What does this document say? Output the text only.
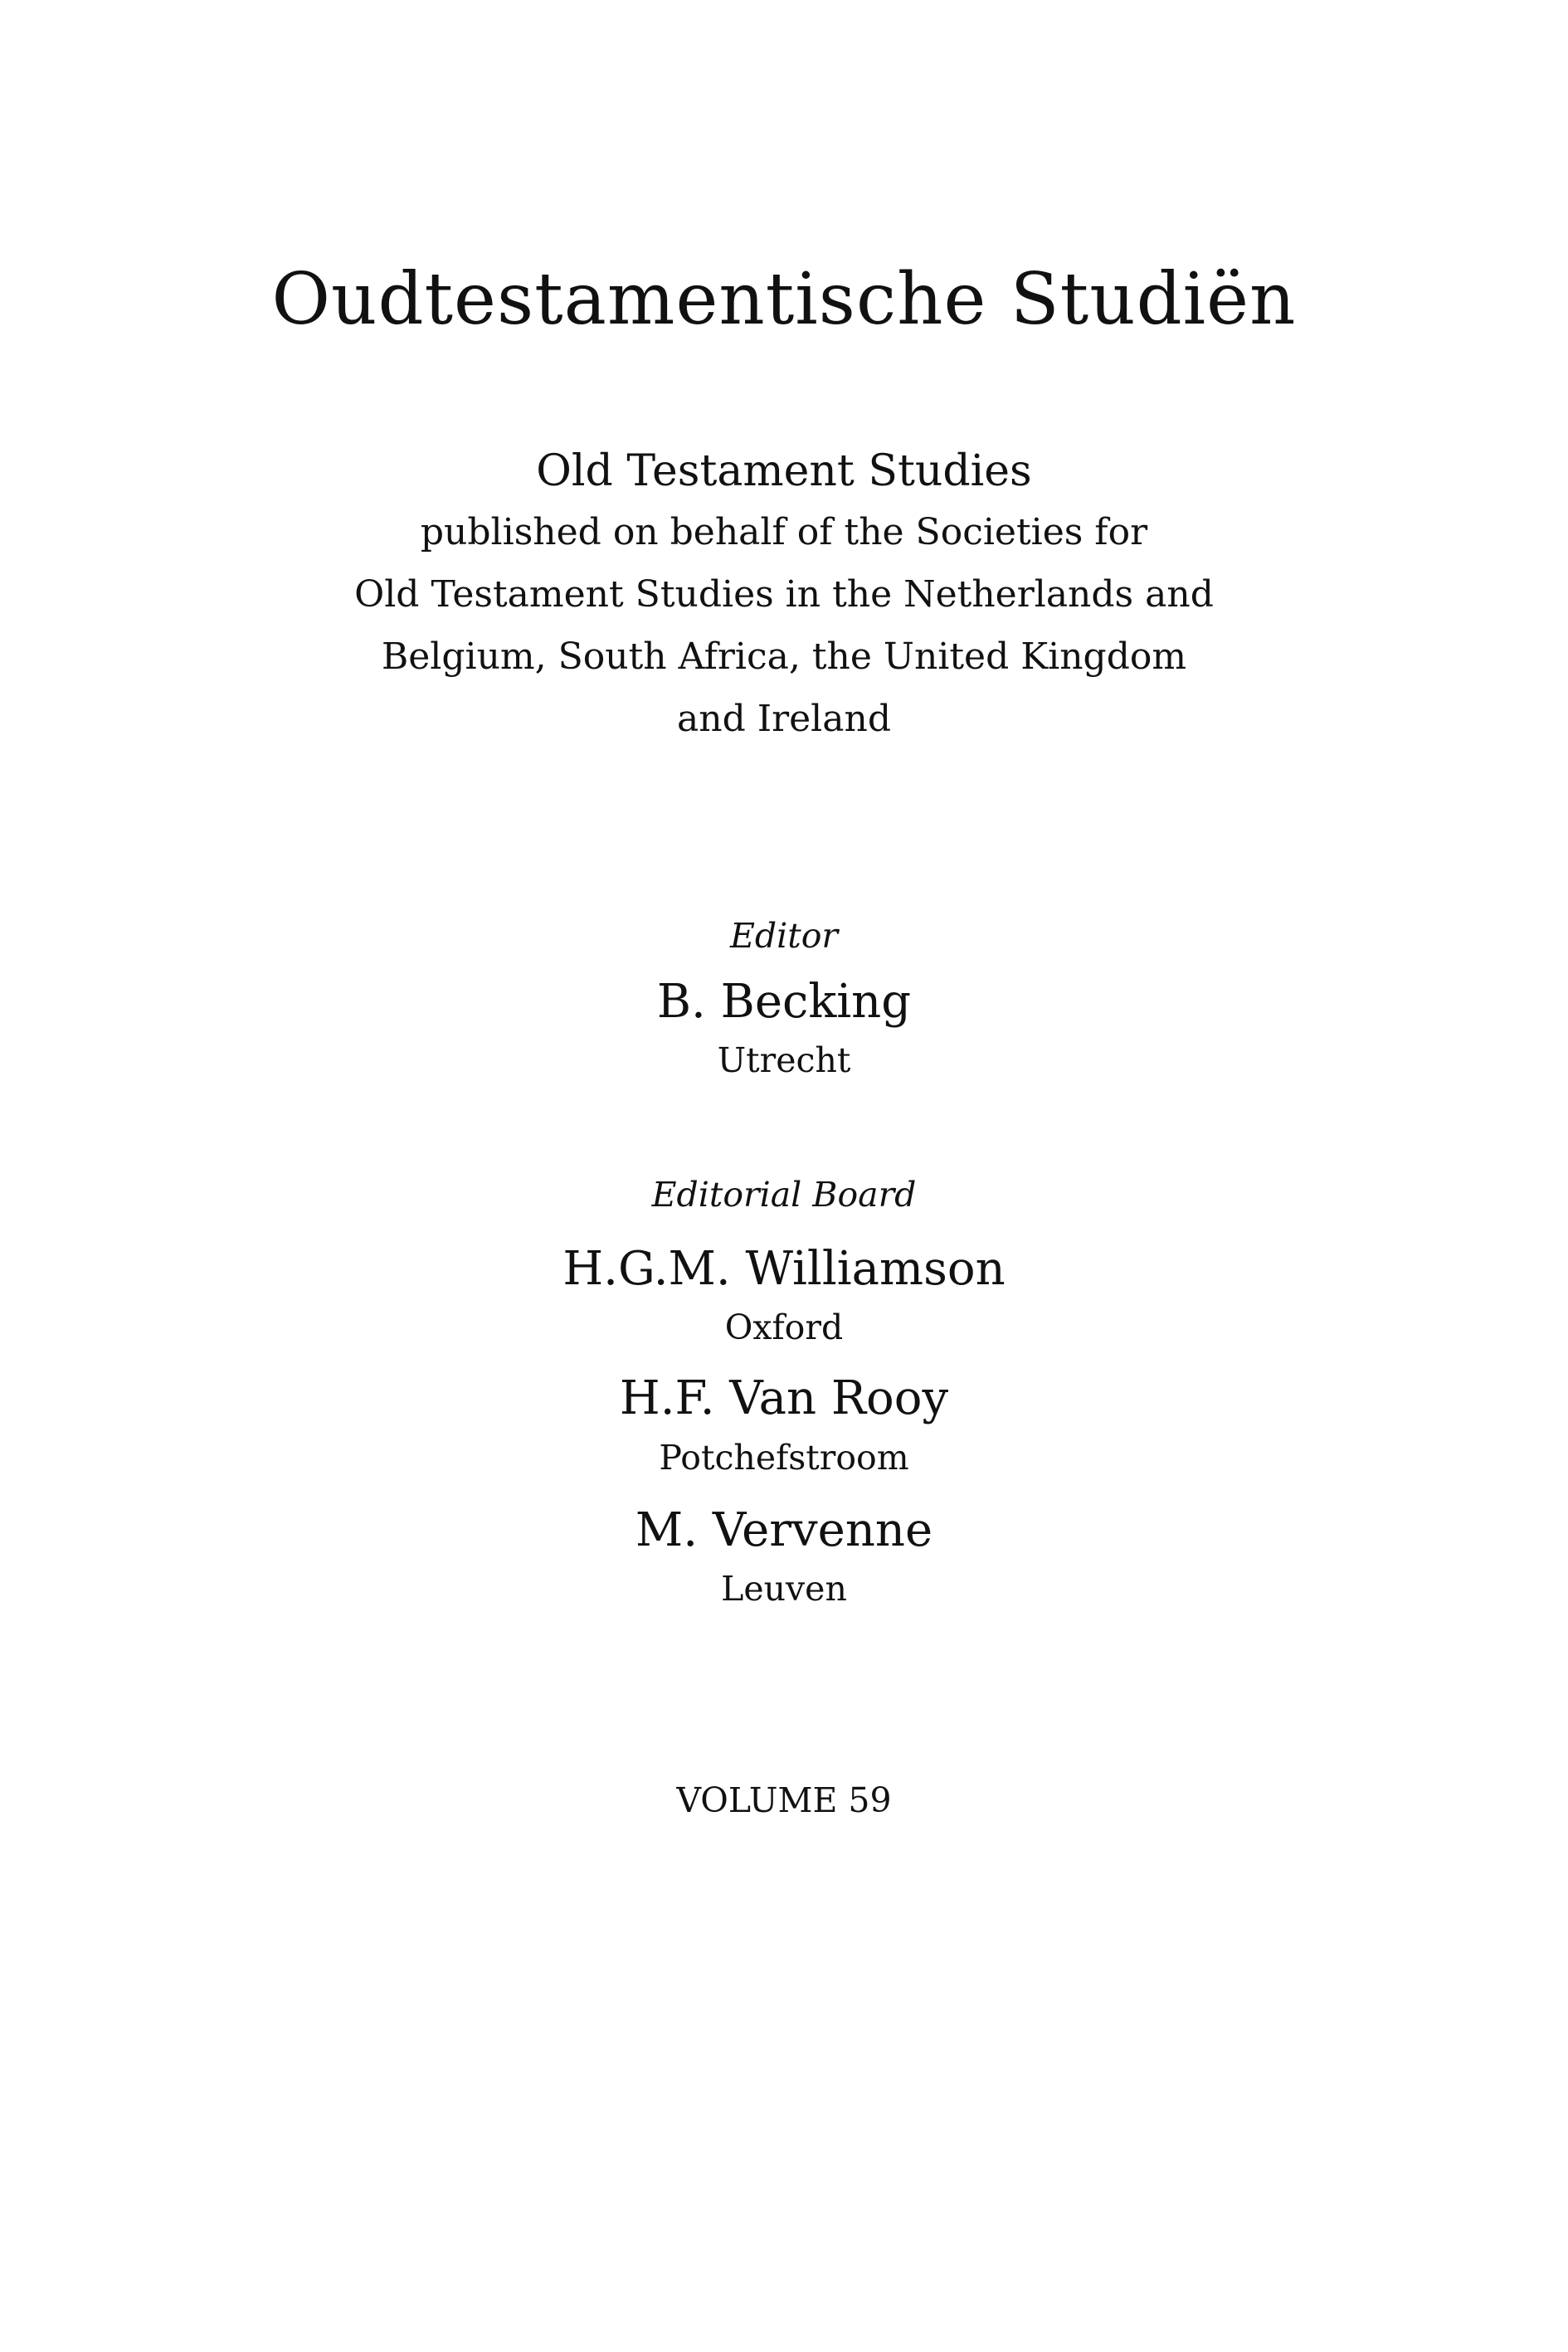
Oudtestamentische Studiën
Old Testament Studies
published on behalf of the Societies for
Old Testament Studies in the Netherlands and
Belgium, South Africa, the United Kingdom
and Ireland
Editor
B. Becking
Utrecht
Editorial Board
H.G.M. Williamson
Oxford
H.F. Van Rooy
Potchefstroom
M. Vervenne
Leuven
VOLUME 59
